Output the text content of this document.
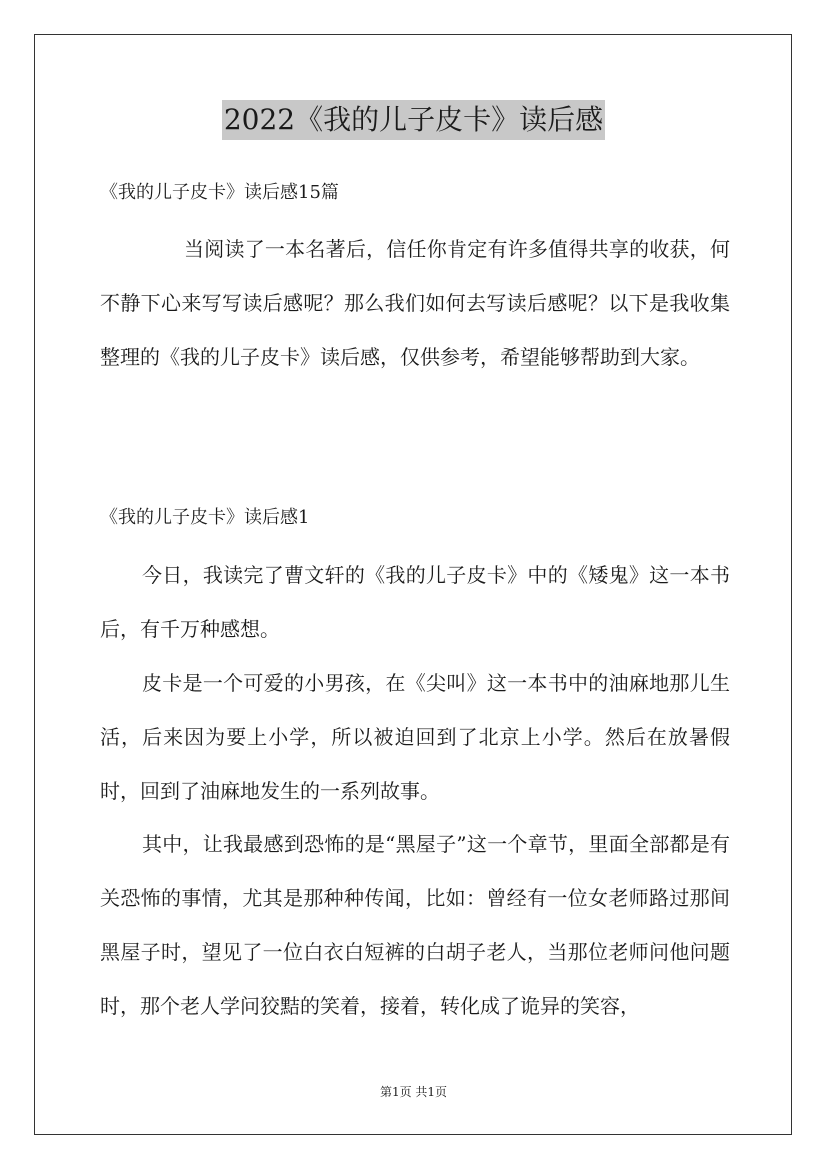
2022《我的儿子皮卡》读后感
《我的儿子皮卡》读后感15篇
当阅读了一本名著后，信任你肯定有许多值得共享的收获，何不静下心来写写读后感呢？那么我们如何去写读后感呢？以下是我收集整理的《我的儿子皮卡》读后感，仅供参考，希望能够帮助到大家。
《我的儿子皮卡》读后感1
今日，我读完了曹文轩的《我的儿子皮卡》中的《矮鬼》这一本书后，有千万种感想。
皮卡是一个可爱的小男孩，在《尖叫》这一本书中的油麻地那儿生活，后来因为要上小学，所以被迫回到了北京上小学。然后在放暑假时，回到了油麻地发生的一系列故事。
其中，让我最感到恐怖的是“黑屋子”这一个章节，里面全部都是有关恐怖的事情，尤其是那种种传闻，比如：曾经有一位女老师路过那间黑屋子时，望见了一位白衣白短裤的白胡子老人，当那位老师问他问题时，那个老人学问狡黠的笑着，接着，转化成了诡异的笑容，
第1页 共1页
